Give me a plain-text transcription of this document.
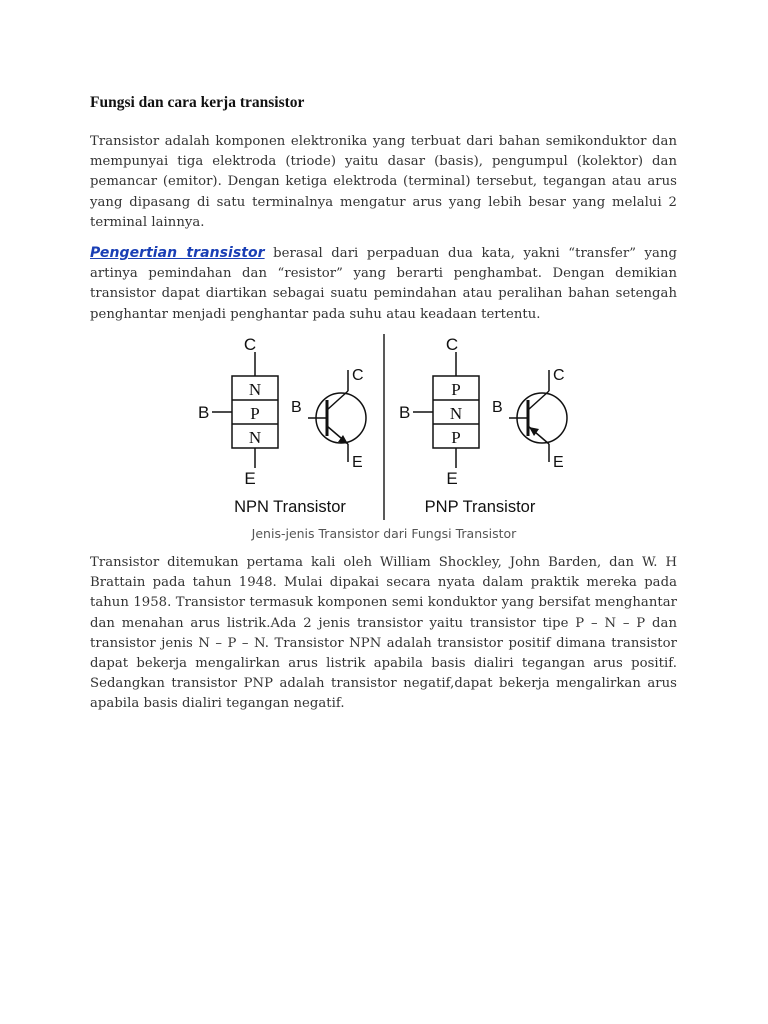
Fungsi dan cara kerja transistor

Transistor adalah komponen elektronika yang terbuat dari bahan semikonduktor dan mempunyai tiga elektroda (triode) yaitu dasar (basis), pengumpul (kolektor) dan pemancar (emitor). Dengan ketiga elektroda (terminal) tersebut, tegangan atau arus yang dipasang di satu terminalnya mengatur arus yang lebih besar yang melalui 2 terminal lainnya.

Pengertian transistor berasal dari perpaduan dua kata, yakni “transfer” yang artinya pemindahan dan “resistor” yang berarti penghambat. Dengan demikian transistor dapat diartikan sebagai suatu pemindahan atau peralihan bahan setengah penghantar menjadi penghantar pada suhu atau keadaan tertentu.

C
N
P
N
B
E
B
C
E
NPN Transistor
C
P
N
P
B
E
B
C
E
PNP Transistor

Jenis-jenis Transistor dari Fungsi Transistor

Transistor ditemukan pertama kali oleh William Shockley, John Barden, dan W. H Brattain pada tahun 1948. Mulai dipakai secara nyata dalam praktik mereka pada tahun 1958. Transistor termasuk komponen semi konduktor yang bersifat menghantar dan menahan arus listrik.Ada 2 jenis transistor yaitu transistor tipe P – N – P dan transistor jenis N – P – N. Transistor NPN adalah transistor positif dimana transistor dapat bekerja mengalirkan arus listrik apabila basis dialiri tegangan arus positif. Sedangkan transistor PNP adalah transistor negatif,dapat bekerja mengalirkan arus apabila basis dialiri tegangan negatif.
